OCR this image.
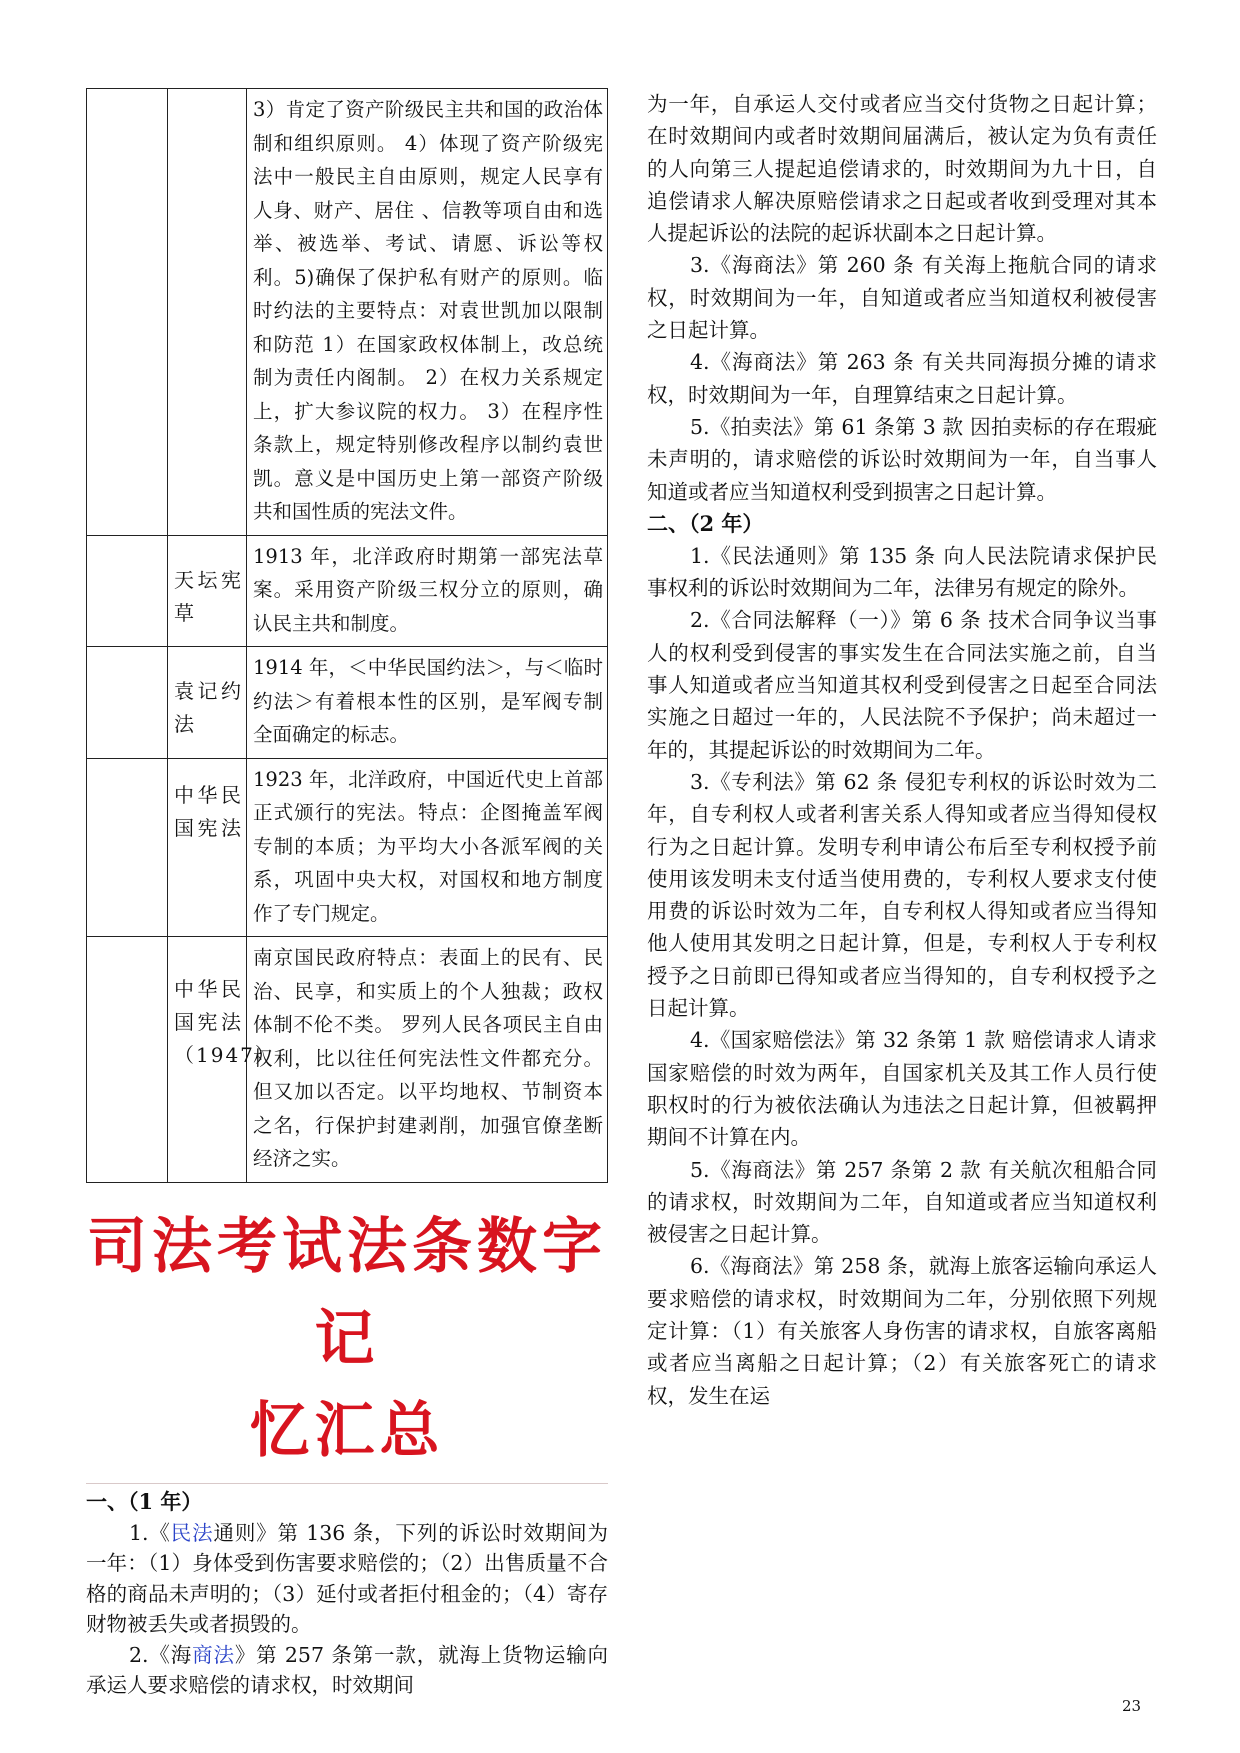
		3）肯定了资产阶级民主共和国的政治体制和组织原则。 4）体现了资产阶级宪法中一般民主自由原则，规定人民享有人身、财产、居住 、信教等项自由和选举、被选举、考试、请愿、诉讼等权利。5)确保了保护私有财产的原则。临时约法的主要特点：对袁世凯加以限制和防范 1）在国家政权体制上，改总统制为责任内阁制。 2）在权力关系规定上，扩大参议院的权力。 3）在程序性条款上，规定特别修改程序以制约袁世凯。意义是中国历史上第一部资产阶级共和国性质的宪法文件。
	天坛宪草	1913 年，北洋政府时期第一部宪法草案。采用资产阶级三权分立的原则，确认民主共和制度。
	袁记约法	1914 年，＜中华民国约法＞，与＜临时约法＞有着根本性的区别，是军阀专制全面确定的标志。
	中华民国宪法	1923 年，北洋政府，中国近代史上首部正式颁行的宪法。特点：企图掩盖军阀专制的本质；为平均大小各派军阀的关系，巩固中央大权，对国权和地方制度作了专门规定。
	中华民国宪法（1947）	南京国民政府特点：表面上的民有、民治、民享，和实质上的个人独裁；政权体制不伦不类。 罗列人民各项民主自由权利，比以往任何宪法性文件都充分。但又加以否定。以平均地权、节制资本之名，行保护封建剥削，加强官僚垄断经济之实。
司法考试法条数字记
忆汇总
一、（1 年）

1.《民法通则》第 136 条，下列的诉讼时效期间为一年：（1）身体受到伤害要求赔偿的；（2）出售质量不合格的商品未声明的；（3）延付或者拒付租金的；（4）寄存财物被丢失或者损毁的。

2.《海商法》第 257 条第一款，就海上货物运输向承运人要求赔偿的请求权，时效期间

为一年，自承运人交付或者应当交付货物之日起计算；在时效期间内或者时效期间届满后，被认定为负有责任的人向第三人提起追偿请求的，时效期间为九十日，自追偿请求人解决原赔偿请求之日起或者收到受理对其本人提起诉讼的法院的起诉状副本之日起计算。

3.《海商法》第 260 条 有关海上拖航合同的请求权，时效期间为一年，自知道或者应当知道权利被侵害之日起计算。

4.《海商法》第 263 条 有关共同海损分摊的请求权，时效期间为一年，自理算结束之日起计算。

5.《拍卖法》第 61 条第 3 款 因拍卖标的存在瑕疵未声明的，请求赔偿的诉讼时效期间为一年，自当事人知道或者应当知道权利受到损害之日起计算。

二、（2 年）

1.《民法通则》第 135 条 向人民法院请求保护民事权利的诉讼时效期间为二年，法律另有规定的除外。

2.《合同法解释（一）》第 6 条 技术合同争议当事人的权利受到侵害的事实发生在合同法实施之前，自当事人知道或者应当知道其权利受到侵害之日起至合同法实施之日超过一年的，人民法院不予保护；尚未超过一年的，其提起诉讼的时效期间为二年。

3.《专利法》第 62 条 侵犯专利权的诉讼时效为二年，自专利权人或者利害关系人得知或者应当得知侵权行为之日起计算。发明专利申请公布后至专利权授予前使用该发明未支付适当使用费的，专利权人要求支付使用费的诉讼时效为二年，自专利权人得知或者应当得知他人使用其发明之日起计算，但是，专利权人于专利权授予之日前即已得知或者应当得知的，自专利权授予之日起计算。

4.《国家赔偿法》第 32 条第 1 款 赔偿请求人请求国家赔偿的时效为两年，自国家机关及其工作人员行使职权时的行为被依法确认为违法之日起计算，但被羁押期间不计算在内。

5.《海商法》第 257 条第 2 款 有关航次租船合同的请求权，时效期间为二年，自知道或者应当知道权利被侵害之日起计算。

6.《海商法》第 258 条，就海上旅客运输向承运人要求赔偿的请求权，时效期间为二年，分别依照下列规定计算：（1）有关旅客人身伤害的请求权，自旅客离船或者应当离船之日起计算；（2）有关旅客死亡的请求权，发生在运

23
